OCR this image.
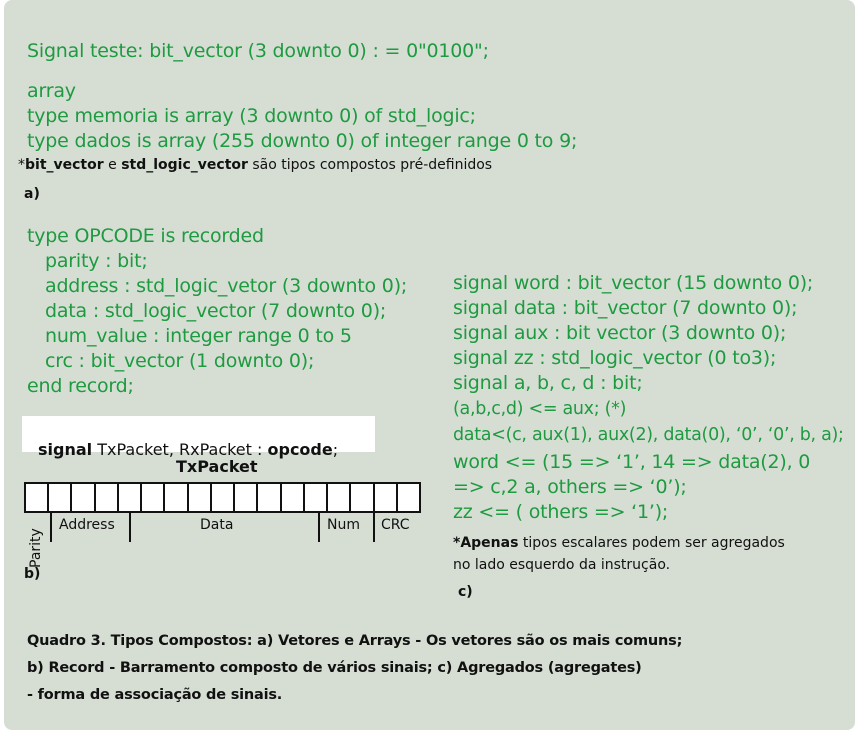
Signal teste: bit_vector (3 downto 0) : = 0"0100";

array

type memoria is array (3 downto 0) of std_logic;

type dados is array (255 downto 0) of integer range 0 to 9;

*bit_vector e std_logic_vector são tipos compostos pré-definidos

a)

type OPCODE is recorded

parity : bit;

address : std_logic_vetor (3 downto 0);

data : std_logic_vector (7 downto 0);

num_value : integer range 0 to 5

crc : bit_vector (1 downto 0);

end record;

signal TxPacket, RxPacket : opcode;

TxPacket

Parity
Address	Data	Num CRC

b)

signal word : bit_vector (15 downto 0);

signal data : bit_vector (7 downto 0);

signal aux : bit vector (3 downto 0);

signal zz : std_logic_vector (0 to3);

signal a, b, c, d : bit;

(a,b,c,d) <= aux; (*)

data<(c, aux(1), aux(2), data(0), ‘0’, ‘0’, b, a);

word <= (15 => ‘1’, 14 => data(2), 0

=> c,2 a, others => ‘0’);

zz <= ( others => ‘1’);

*Apenas tipos escalares podem ser agregados

no lado esquerdo da instrução.

c)

Quadro 3. Tipos Compostos: a) Vetores e Arrays - Os vetores são os mais comuns;

b) Record - Barramento composto de vários sinais; c) Agregados (agregates)

- forma de associação de sinais.
